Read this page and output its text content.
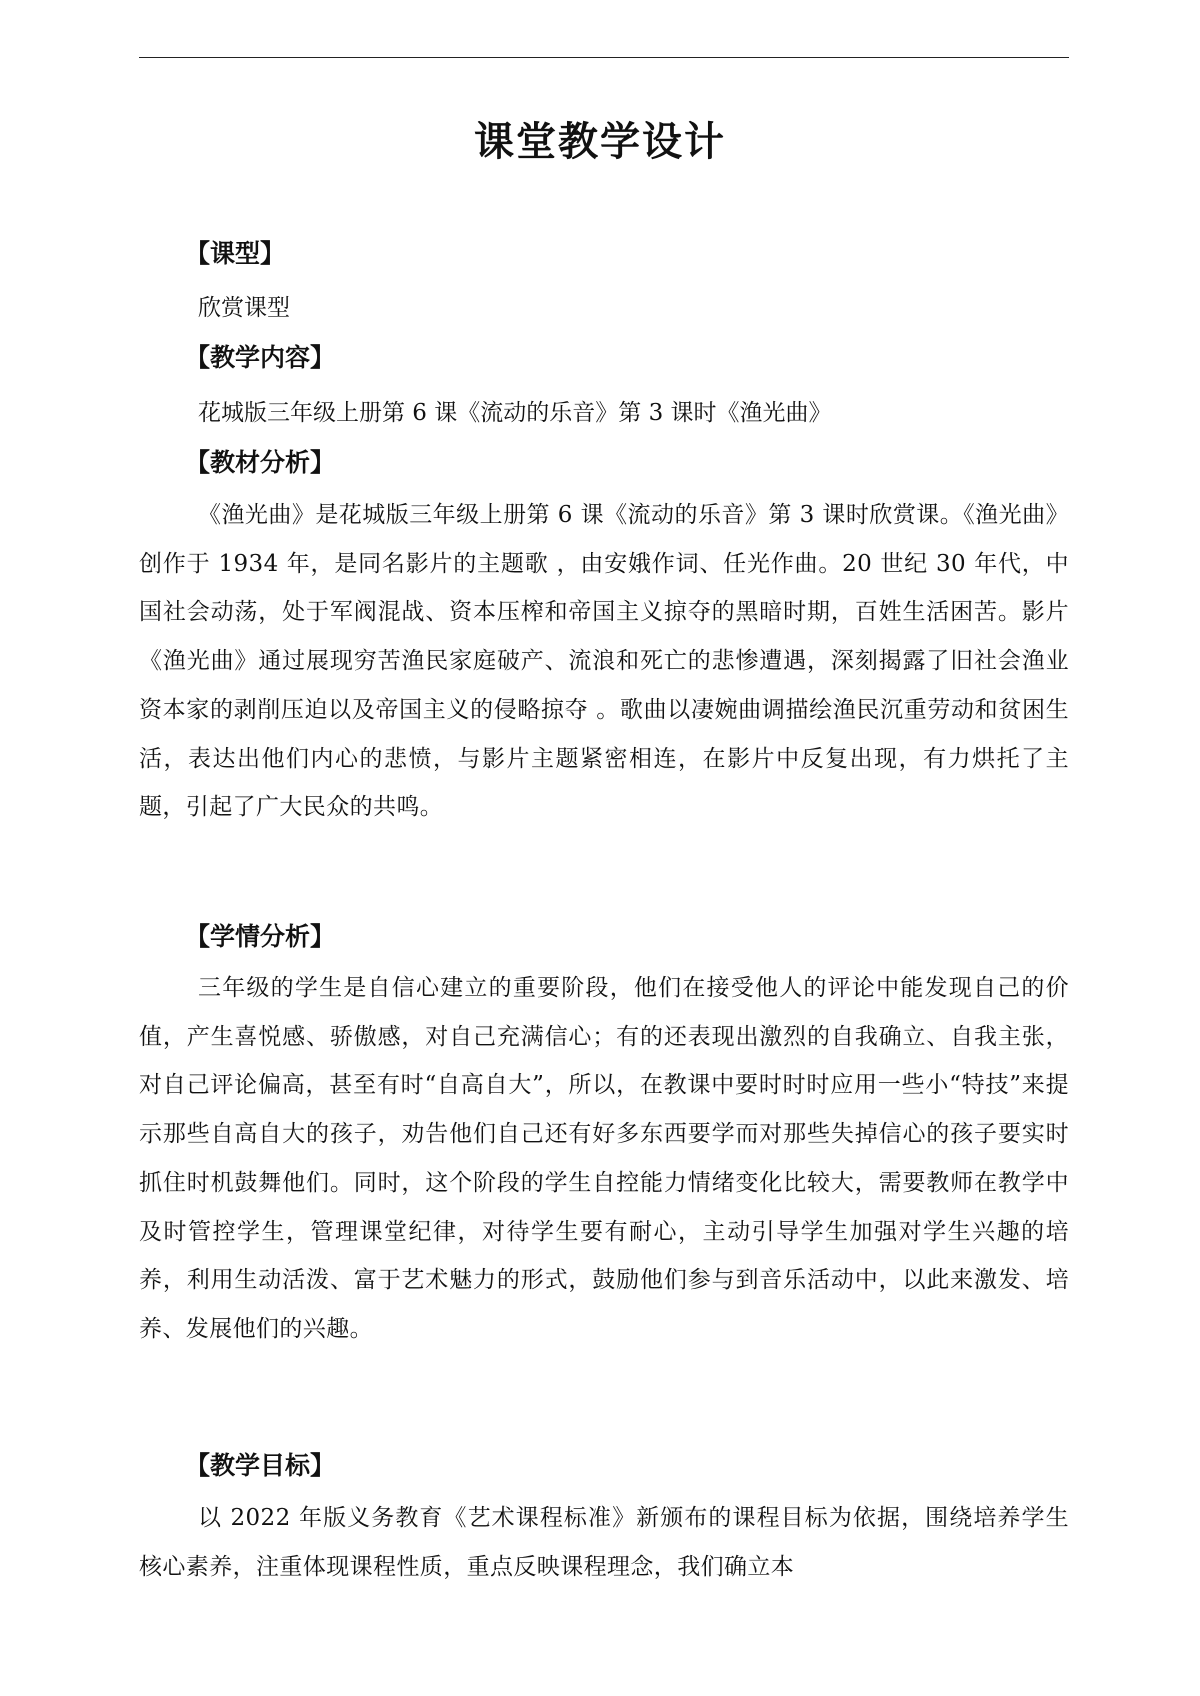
课堂教学设计
【课型】
欣赏课型
【教学内容】
花城版三年级上册第 6 课《流动的乐音》第 3 课时《渔光曲》
【教材分析】

《渔光曲》是花城版三年级上册第 6 课《流动的乐音》第 3 课时欣赏课。《渔光曲》创作于 1934 年，是同名影片的主题歌 ，由安娥作词、任光作曲。20 世纪 30 年代，中国社会动荡，处于军阀混战、资本压榨和帝国主义掠夺的黑暗时期，百姓生活困苦。影片《渔光曲》通过展现穷苦渔民家庭破产、流浪和死亡的悲惨遭遇，深刻揭露了旧社会渔业资本家的剥削压迫以及帝国主义的侵略掠夺 。歌曲以凄婉曲调描绘渔民沉重劳动和贫困生活，表达出他们内心的悲愤，与影片主题紧密相连，在影片中反复出现，有力烘托了主题，引起了广大民众的共鸣。

【学情分析】

三年级的学生是自信心建立的重要阶段，他们在接受他人的评论中能发现自己的价值，产生喜悦感、骄傲感，对自己充满信心；有的还表现出激烈的自我确立、自我主张，对自己评论偏高，甚至有时“自高自大”，所以，在教课中要时时时应用一些小“特技”来提示那些自高自大的孩子，劝告他们自己还有好多东西要学而对那些失掉信心的孩子要实时抓住时机鼓舞他们。同时，这个阶段的学生自控能力情绪变化比较大，需要教师在教学中及时管控学生，管理课堂纪律，对待学生要有耐心，主动引导学生加强对学生兴趣的培养，利用生动活泼、富于艺术魅力的形式，鼓励他们参与到音乐活动中，以此来激发、培养、发展他们的兴趣。

【教学目标】

以 2022 年版义务教育《艺术课程标准》新颁布的课程目标为依据，围绕培养学生核心素养，注重体现课程性质，重点反映课程理念，我们确立本
